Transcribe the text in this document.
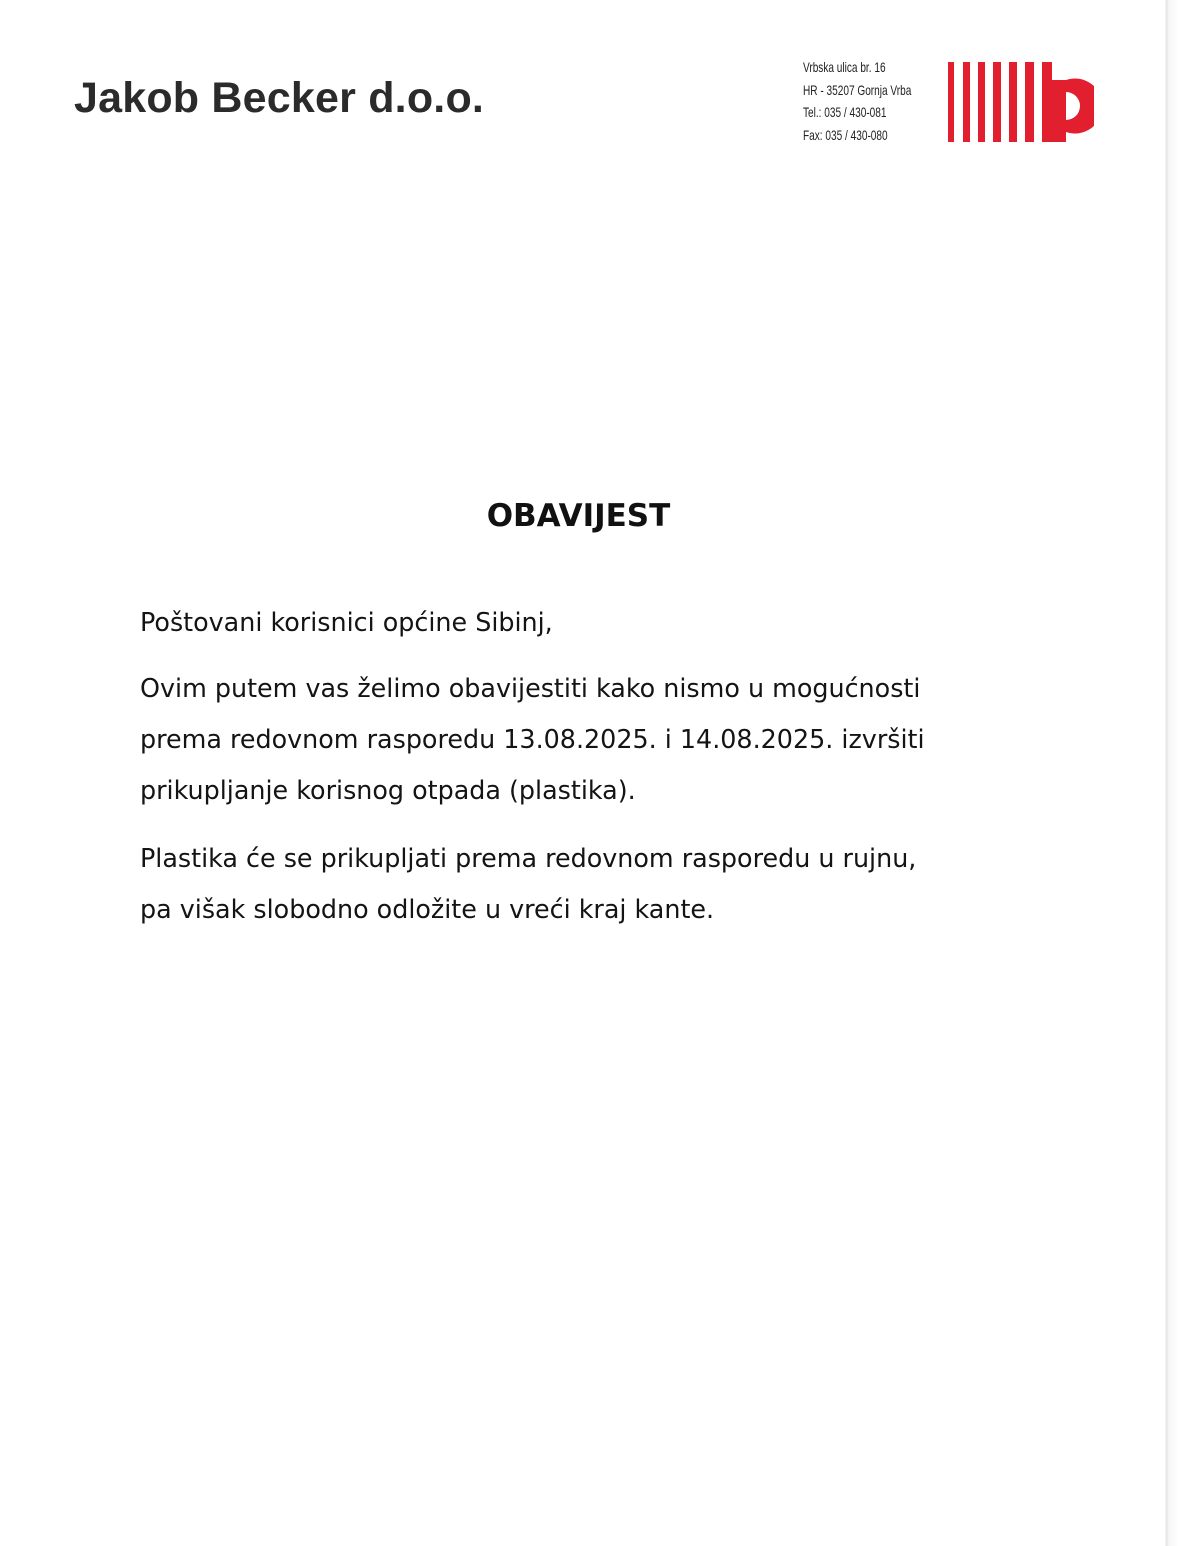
Jakob Becker d.o.o.
Vrbska ulica br. 16
HR - 35207 Gornja Vrba
Tel.: 035 / 430-081
Fax: 035 / 430-080
OBAVIJEST
Poštovani korisnici općine Sibinj,
Ovim putem vas želimo obavijestiti kako nismo u mogućnosti
prema redovnom rasporedu 13.08.2025. i 14.08.2025. izvršiti
prikupljanje korisnog otpada (plastika).
Plastika će se prikupljati prema redovnom rasporedu u rujnu,
pa višak slobodno odložite u vreći kraj kante.
